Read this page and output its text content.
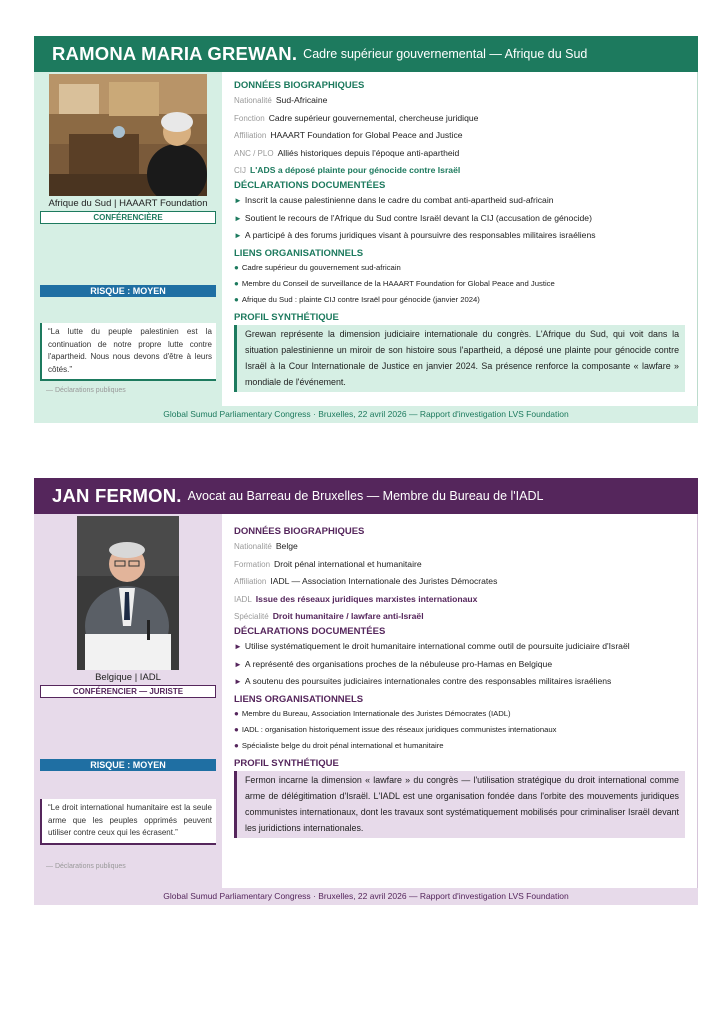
RAMONA MARIA GREWAN. Cadre supérieur gouvernemental — Afrique du Sud
Afrique du Sud | HAAART Foundation
CONFÉRENCIÈRE
RISQUE : MOYEN
“La lutte du peuple palestinien est la continuation de notre propre lutte contre l'apartheid. Nous nous devons d'être à leurs côtés.”
— Déclarations publiques
DONNÉES BIOGRAPHIQUES
Nationalité Sud-Africaine
Fonction Cadre supérieur gouvernemental, chercheuse juridique
Affiliation HAAART Foundation for Global Peace and Justice
ANC / PLO Alliés historiques depuis l'époque anti-apartheid
CIJ L'ADS a déposé plainte pour génocide contre Israël
DÉCLARATIONS DOCUMENTÉES

► Inscrit la cause palestinienne dans le cadre du combat anti-apartheid sud-africain

► Soutient le recours de l'Afrique du Sud contre Israël devant la CIJ (accusation de génocide)

► A participé à des forums juridiques visant à poursuivre des responsables militaires israéliens

LIENS ORGANISATIONNELS
● Cadre supérieur du gouvernement sud-africain
● Membre du Conseil de surveillance de la HAAART Foundation for Global Peace and Justice
● Afrique du Sud : plainte CIJ contre Israël pour génocide (janvier 2024)
PROFIL SYNTHÉTIQUE
Grewan représente la dimension judiciaire internationale du congrès. L'Afrique du Sud, qui voit dans la situation palestinienne un miroir de son histoire sous l'apartheid, a déposé une plainte pour génocide contre Israël à la Cour Internationale de Justice en janvier 2024. Sa présence renforce la composante « lawfare » mondiale de l'événement.
Global Sumud Parliamentary Congress · Bruxelles, 22 avril 2026 — Rapport d'investigation LVS Foundation
JAN FERMON. Avocat au Barreau de Bruxelles — Membre du Bureau de l'IADL
Belgique | IADL
CONFÉRENCIER — JURISTE
RISQUE : MOYEN
“Le droit international humanitaire est la seule arme que les peuples opprimés peuvent utiliser contre ceux qui les écrasent.”
— Déclarations publiques
DONNÉES BIOGRAPHIQUES
Nationalité Belge
Formation Droit pénal international et humanitaire
Affiliation IADL — Association Internationale des Juristes Démocrates
IADL Issue des réseaux juridiques marxistes internationaux
Spécialité Droit humanitaire / lawfare anti-Israël
DÉCLARATIONS DOCUMENTÉES

► Utilise systématiquement le droit humanitaire international comme outil de poursuite judiciaire d'Israël

► A représenté des organisations proches de la nébuleuse pro-Hamas en Belgique

► A soutenu des poursuites judiciaires internationales contre des responsables militaires israéliens

LIENS ORGANISATIONNELS
● Membre du Bureau, Association Internationale des Juristes Démocrates (IADL)
● IADL : organisation historiquement issue des réseaux juridiques communistes internationaux
● Spécialiste belge du droit pénal international et humanitaire
PROFIL SYNTHÉTIQUE
Fermon incarne la dimension « lawfare » du congrès — l'utilisation stratégique du droit international comme arme de délégitimation d'Israël. L'IADL est une organisation fondée dans l'orbite des mouvements juridiques communistes internationaux, dont les travaux sont systématiquement mobilisés pour criminaliser Israël devant les juridictions internationales.
Global Sumud Parliamentary Congress · Bruxelles, 22 avril 2026 — Rapport d'investigation LVS Foundation
